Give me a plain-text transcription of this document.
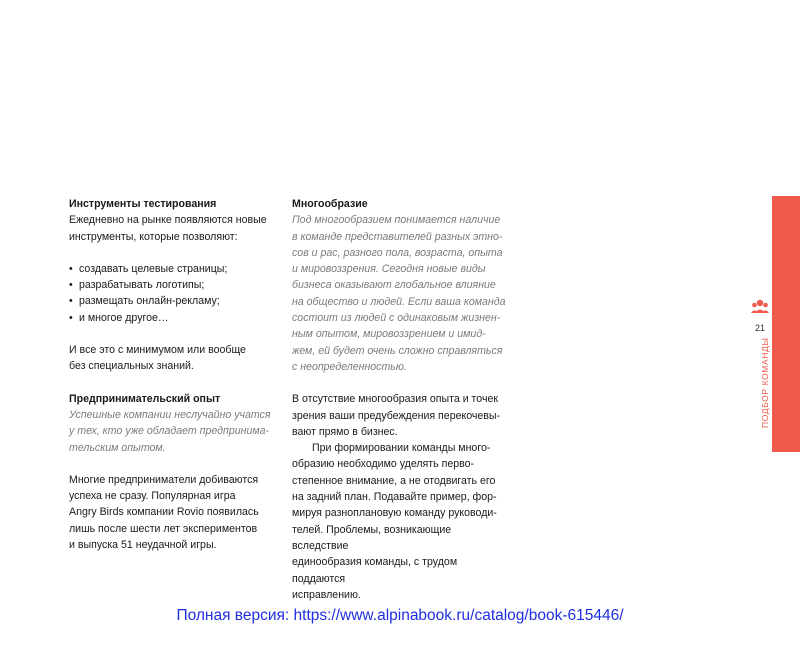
Инструменты тестирования

Ежедневно на рынке появляются новые

инструменты, которые позволяют:

• создавать целевые страницы;
• разрабатывать логотипы;
• размещать онлайн-рекламу;
• и многое другое…

И все это с минимумом или вообще

без специальных знаний.

Предпринимательский опыт

Успешные компании неслучайно учатся

у тех, кто уже обладает предпринимa-

тельским опытом.

Многие предприниматели добиваются

успеха не сразу. Популярная игра

Angry Birds компании Rovio появилась

лишь после шести лет экспериментов

и выпуска 51 неудачной игры.

Многообразие

Под многообразием понимается наличие

в команде представителей разных этно-

сов и рас, разного пола, возраста, опыта

и мировоззрения. Сегодня новые виды

бизнеса оказывают глобальное влияние

на общество и людей. Если ваша команда

состоит из людей с одинаковым жизнен-

ным опытом, мировоззрением и имид-

жем, ей будет очень сложно справляться

с неопределенностью.

В отсутствие многообразия опыта и точек

зрения ваши предубеждения перекочевы-

вают прямо в бизнес.

При формировании команды много-

образию необходимо уделять перво-

степенное внимание, а не отодвигать его

на задний план. Подавайте пример, фор-

мируя разноплановую команду руководи-

телей. Проблемы, возникающие вследствие

единообразия команды, с трудом поддаются

исправлению.

21
ПОДБОР КОМАНДЫ
Полная версия: https://www.alpinabook.ru/catalog/book-615446/
